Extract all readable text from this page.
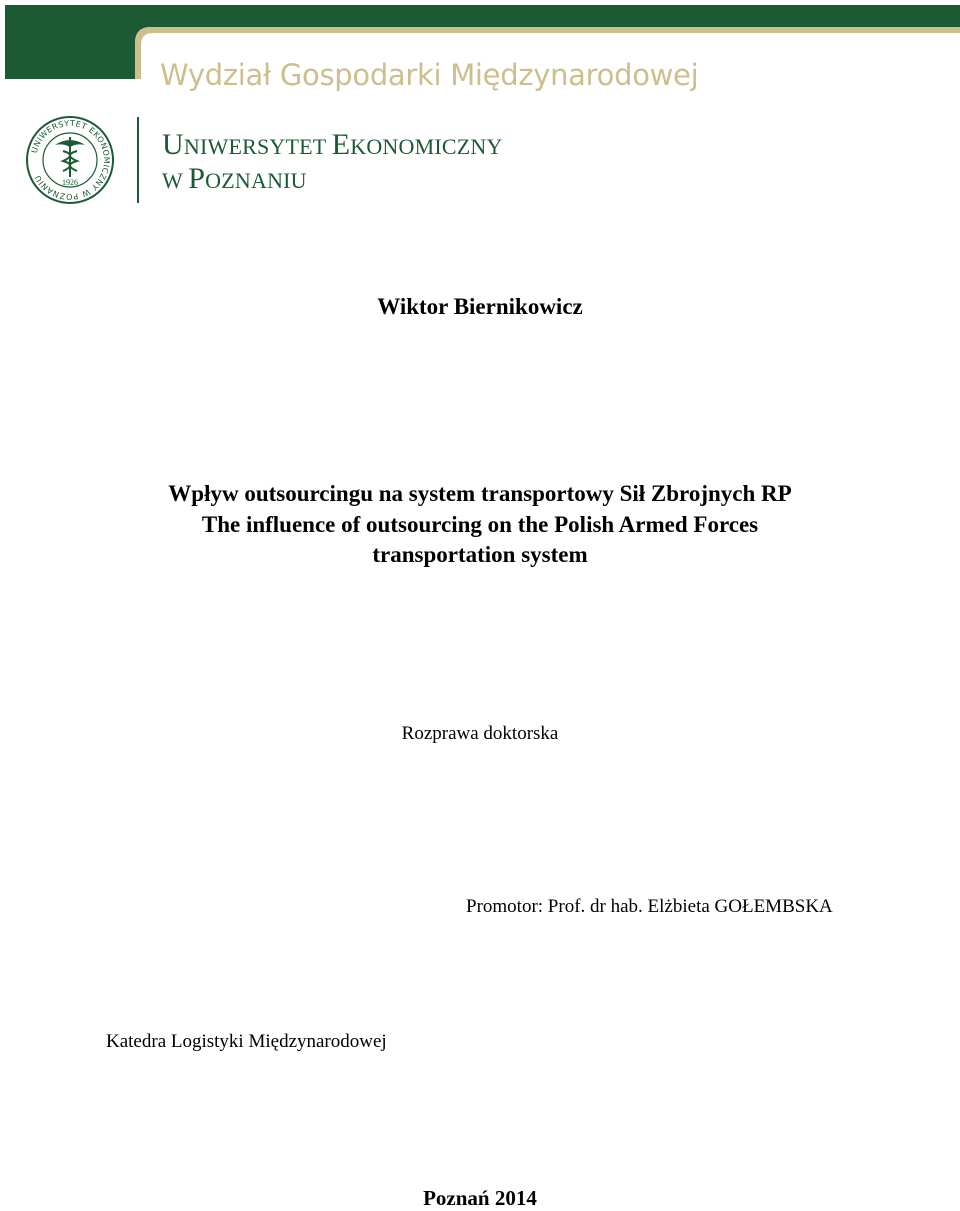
Wydział Gospodarki Międzynarodowej
UNIWERSYTET EKONOMICZNY W POZNANIU	1926
UNIWERSYTET EKONOMICZNY
W POZNANIU
Wiktor Biernikowicz
Wpływ outsourcingu na system transportowy Sił Zbrojnych RP
The influence of outsourcing on the Polish Armed Forces
transportation system
Rozprawa doktorska
Promotor: Prof. dr hab. Elżbieta GOŁEMBSKA
Katedra Logistyki Międzynarodowej
Poznań 2014
